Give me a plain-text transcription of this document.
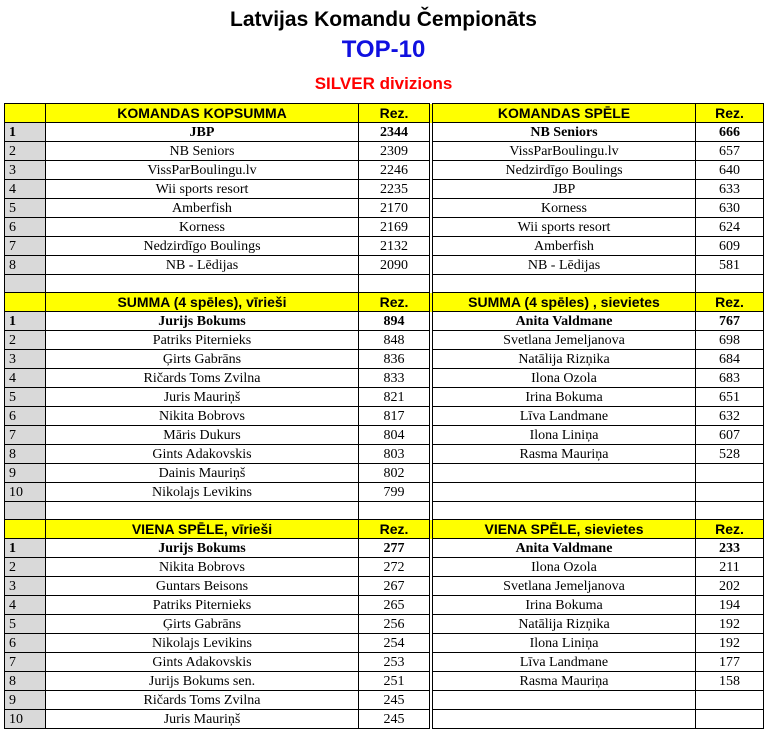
Latvijas Komandu Čempionāts
TOP-10
SILVER divizions
	KOMANDAS KOPSUMMA	Rez.		KOMANDAS SPĒLE	Rez.
1	JBP	2344		NB Seniors	666
2	NB Seniors	2309		VissParBoulingu.lv	657
3	VissParBoulingu.lv	2246		Nedzirdīgo Boulings	640
4	Wii sports resort	2235		JBP	633
5	Amberfish	2170		Korness	630
6	Korness	2169		Wii sports resort	624
7	Nedzirdīgo Boulings	2132		Amberfish	609
8	NB - Lēdijas	2090		NB - Lēdijas	581

	SUMMA (4 spēles), vīrieši	Rez.		SUMMA (4 spēles) , sievietes	Rez.
1	Jurijs Bokums	894		Anita Valdmane	767
2	Patriks Piternieks	848		Svetlana Jemeljanova	698
3	Ģirts Gabrāns	836		Natālija Rizņika	684
4	Ričards Toms Zvilna	833		Ilona Ozola	683
5	Juris Mauriņš	821		Irina Bokuma	651
6	Nikita Bobrovs	817		Līva Landmane	632
7	Māris Dukurs	804		Ilona Liniņa	607
8	Gints Adakovskis	803		Rasma Mauriņa	528
9	Dainis Mauriņš	802			
10	Nikolajs Levikins	799			

	VIENA SPĒLE, vīrieši	Rez.		VIENA SPĒLE, sievietes	Rez.
1	Jurijs Bokums	277		Anita Valdmane	233
2	Nikita Bobrovs	272		Ilona Ozola	211
3	Guntars Beisons	267		Svetlana Jemeljanova	202
4	Patriks Piternieks	265		Irina Bokuma	194
5	Ģirts Gabrāns	256		Natālija Rizņika	192
6	Nikolajs Levikins	254		Ilona Liniņa	192
7	Gints Adakovskis	253		Līva Landmane	177
8	Jurijs Bokums sen.	251		Rasma Mauriņa	158
9	Ričards Toms Zvilna	245			
10	Juris Mauriņš	245			
